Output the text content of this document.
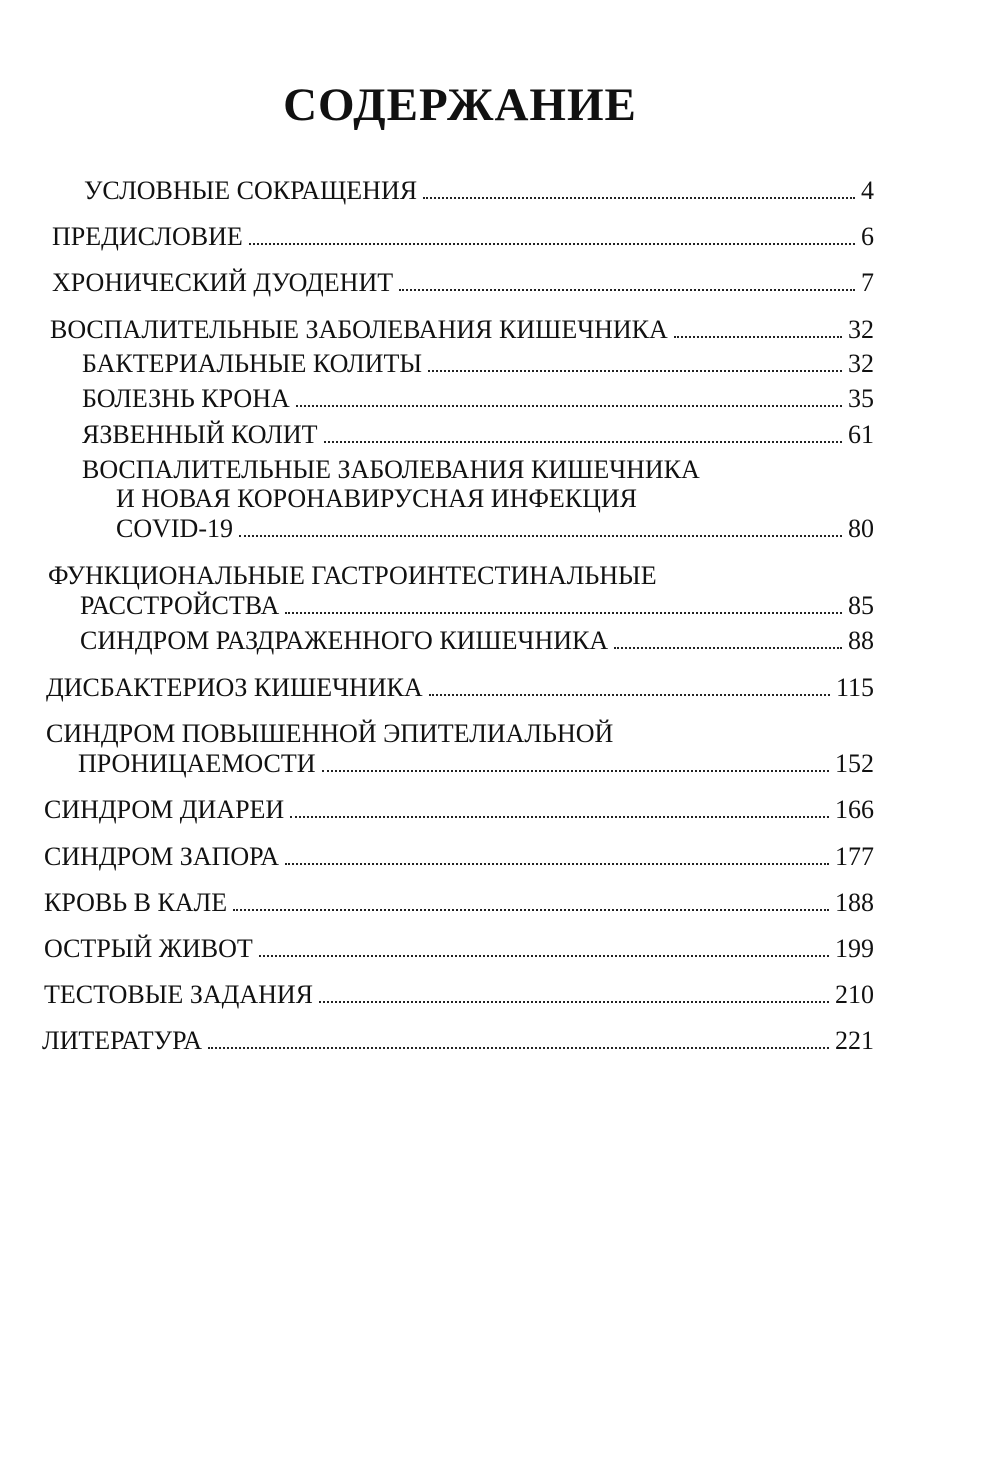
СОДЕРЖАНИЕ
УСЛОВНЫЕ СОКРАЩЕНИЯ	4
ПРЕДИСЛОВИЕ	6
ХРОНИЧЕСКИЙ ДУОДЕНИТ	7
ВОСПАЛИТЕЛЬНЫЕ ЗАБОЛЕВАНИЯ КИШЕЧНИКА	32
БАКТЕРИАЛЬНЫЕ КОЛИТЫ	32
БОЛЕЗНЬ КРОНА	35
ЯЗВЕННЫЙ КОЛИТ	61
ВОСПАЛИТЕЛЬНЫЕ ЗАБОЛЕВАНИЯ КИШЕЧНИКА
И НОВАЯ КОРОНАВИРУСНАЯ ИНФЕКЦИЯ
COVID-19	80
ФУНКЦИОНАЛЬНЫЕ ГАСТРОИНТЕСТИНАЛЬНЫЕ
РАССТРОЙСТВА	85
СИНДРОМ РАЗДРАЖЕННОГО КИШЕЧНИКА	88
ДИСБАКТЕРИОЗ КИШЕЧНИКА	115
СИНДРОМ ПОВЫШЕННОЙ ЭПИТЕЛИАЛЬНОЙ
ПРОНИЦАЕМОСТИ	152
СИНДРОМ ДИАРЕИ	166
СИНДРОМ ЗАПОРА	177
КРОВЬ В КАЛЕ	188
ОСТРЫЙ ЖИВОТ	199
ТЕСТОВЫЕ ЗАДАНИЯ	210
ЛИТЕРАТУРА	221
